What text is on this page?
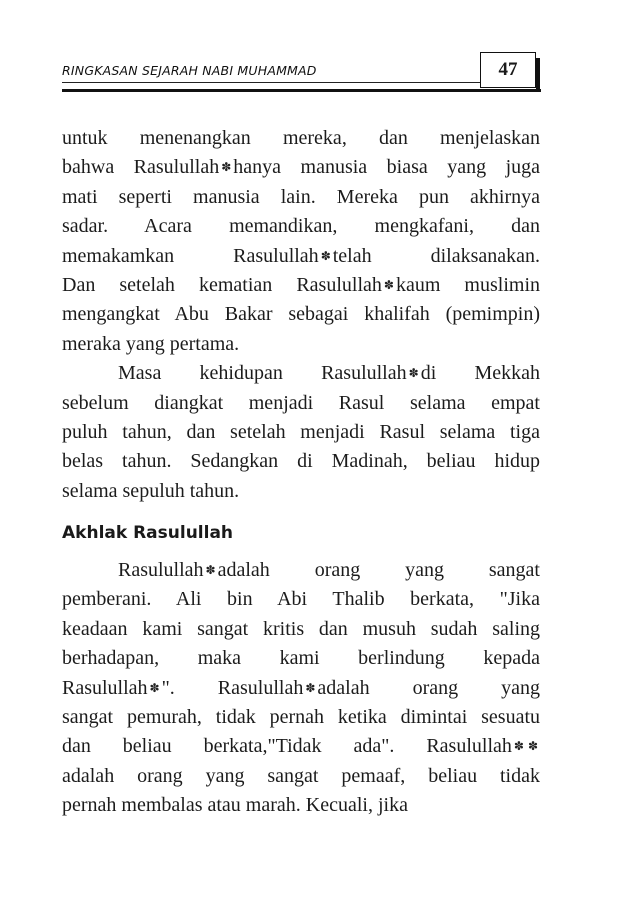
RINGKASAN SEJARAH NABI MUHAMMAD	47
untuk menenangkan mereka, dan menjelaskan
bahwa Rasulullah ✽ hanya manusia biasa yang juga
mati seperti manusia lain. Mereka pun akhirnya
sadar. Acara memandikan, mengkafani, dan
memakamkan Rasulullah ✽ telah dilaksanakan.
Dan setelah kematian Rasulullah ✽ kaum muslimin
mengangkat Abu Bakar sebagai khalifah (pemimpin)
meraka yang pertama.
Masa kehidupan Rasulullah ✽ di Mekkah
sebelum diangkat menjadi Rasul selama empat
puluh tahun, dan setelah menjadi Rasul selama tiga
belas tahun. Sedangkan di Madinah, beliau hidup
selama sepuluh tahun.
Akhlak Rasulullah
Rasulullah ✽ adalah orang yang sangat
pemberani. Ali bin Abi Thalib berkata, "Jika
keadaan kami sangat kritis dan musuh sudah saling
berhadapan, maka kami berlindung kepada
Rasulullah ✽ ". Rasulullah ✽ adalah orang yang
sangat pemurah, tidak pernah ketika dimintai sesuatu
dan beliau berkata,"Tidak ada". Rasulullah ✽ ✽
adalah orang yang sangat pemaaf, beliau tidak
pernah membalas atau marah. Kecuali, jika
